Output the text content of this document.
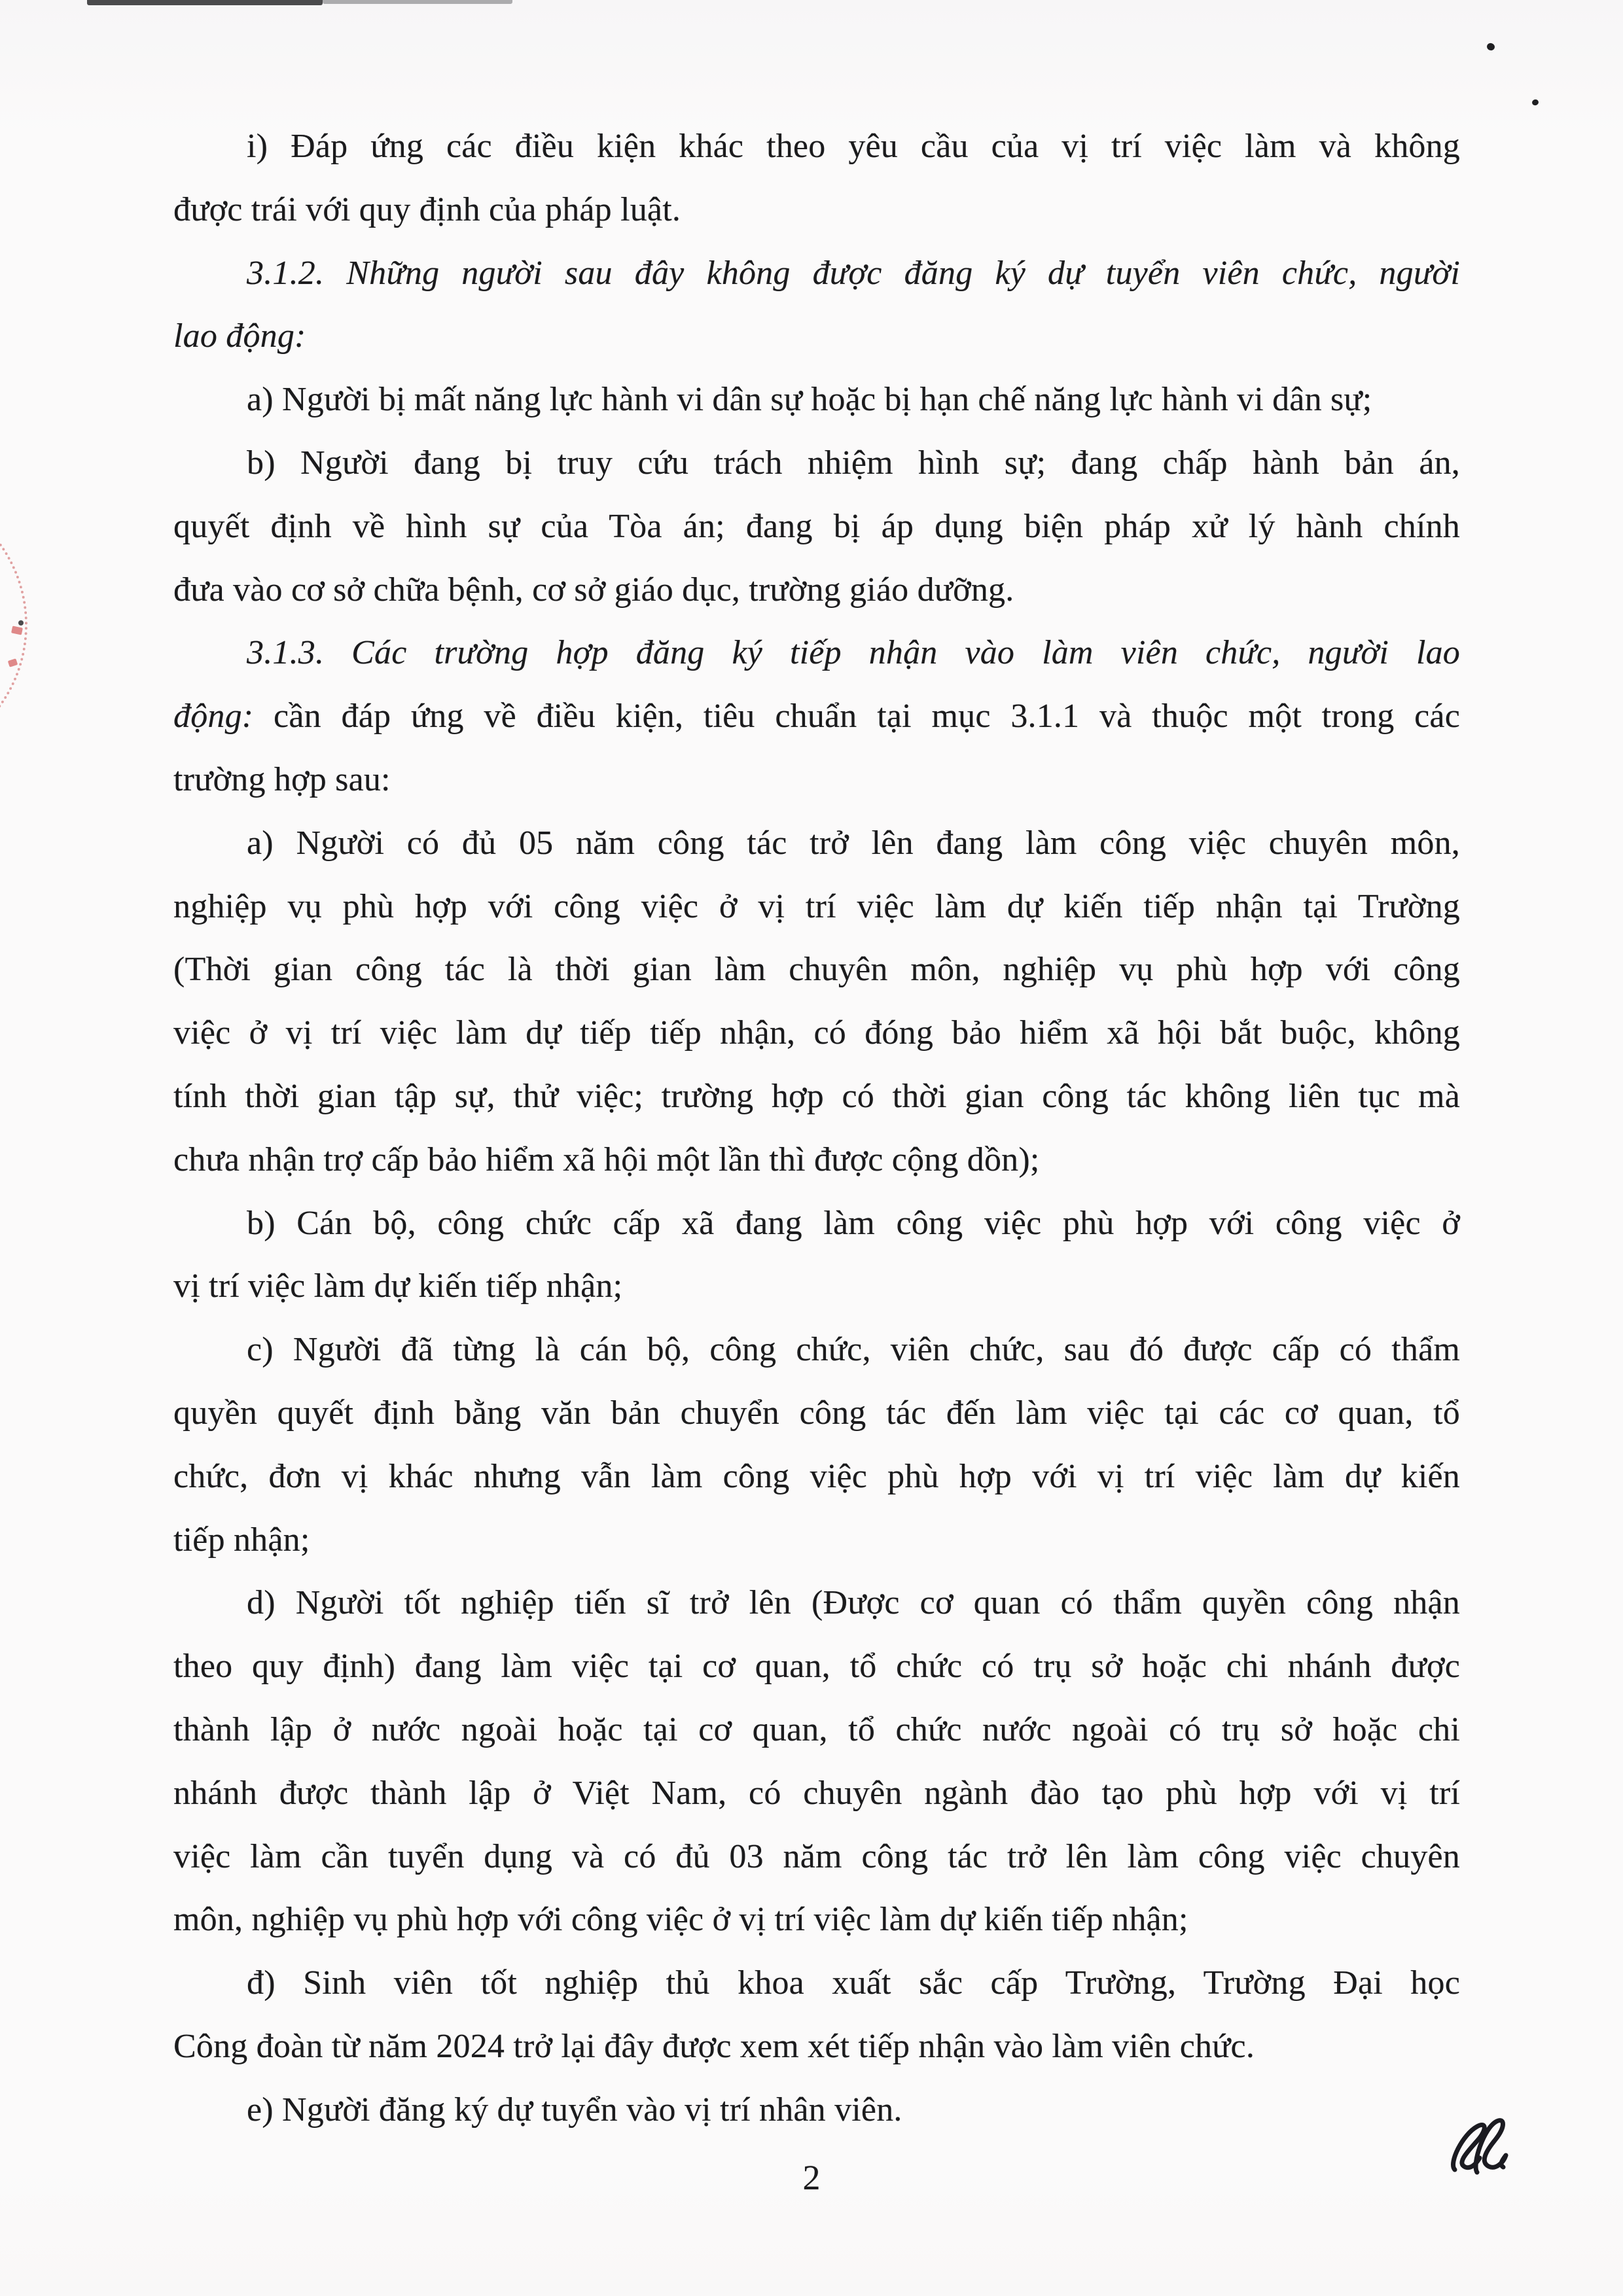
i) Đáp ứng các điều kiện khác theo yêu cầu của vị trí việc làm và không
được trái với quy định của pháp luật.
3.1.2. Những người sau đây không được đăng ký dự tuyển viên chức, người
lao động:
a) Người bị mất năng lực hành vi dân sự hoặc bị hạn chế năng lực hành vi dân sự;
b) Người đang bị truy cứu trách nhiệm hình sự; đang chấp hành bản án,
quyết định về hình sự của Tòa án; đang bị áp dụng biện pháp xử lý hành chính
đưa vào cơ sở chữa bệnh, cơ sở giáo dục, trường giáo dưỡng.
3.1.3. Các trường hợp đăng ký tiếp nhận vào làm viên chức, người lao
động: cần đáp ứng về điều kiện, tiêu chuẩn tại mục 3.1.1 và thuộc một trong các
trường hợp sau:
a) Người có đủ 05 năm công tác trở lên đang làm công việc chuyên môn,
nghiệp vụ phù hợp với công việc ở vị trí việc làm dự kiến tiếp nhận tại Trường
(Thời gian công tác là thời gian làm chuyên môn, nghiệp vụ phù hợp với công
việc ở vị trí việc làm dự tiếp tiếp nhận, có đóng bảo hiểm xã hội bắt buộc, không
tính thời gian tập sự, thử việc; trường hợp có thời gian công tác không liên tục mà
chưa nhận trợ cấp bảo hiểm xã hội một lần thì được cộng dồn);
b) Cán bộ, công chức cấp xã đang làm công việc phù hợp với công việc ở
vị trí việc làm dự kiến tiếp nhận;
c) Người đã từng là cán bộ, công chức, viên chức, sau đó được cấp có thẩm
quyền quyết định bằng văn bản chuyển công tác đến làm việc tại các cơ quan, tổ
chức, đơn vị khác nhưng vẫn làm công việc phù hợp với vị trí việc làm dự kiến
tiếp nhận;
d) Người tốt nghiệp tiến sĩ trở lên (Được cơ quan có thẩm quyền công nhận
theo quy định) đang làm việc tại cơ quan, tổ chức có trụ sở hoặc chi nhánh được
thành lập ở nước ngoài hoặc tại cơ quan, tổ chức nước ngoài có trụ sở hoặc chi
nhánh được thành lập ở Việt Nam, có chuyên ngành đào tạo phù hợp với vị trí
việc làm cần tuyển dụng và có đủ 03 năm công tác trở lên làm công việc chuyên
môn, nghiệp vụ phù hợp với công việc ở vị trí việc làm dự kiến tiếp nhận;
đ) Sinh viên tốt nghiệp thủ khoa xuất sắc cấp Trường, Trường Đại học
Công đoàn từ năm 2024 trở lại đây được xem xét tiếp nhận vào làm viên chức.
e) Người đăng ký dự tuyển vào vị trí nhân viên.
2
